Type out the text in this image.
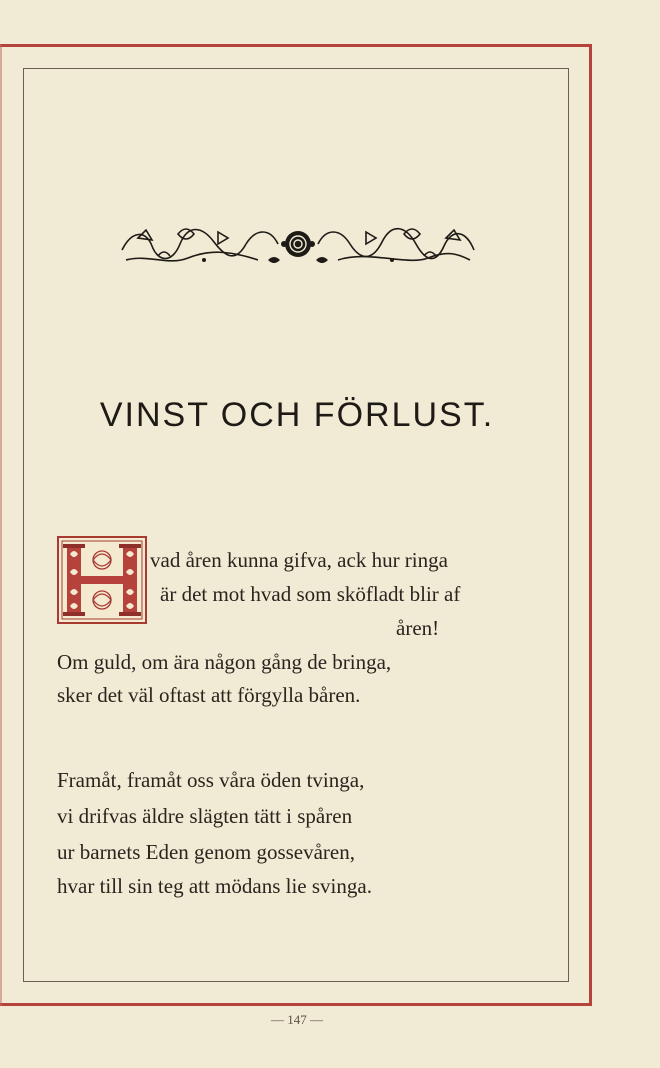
VINST OCH FÖRLUST.
vad åren kunna gifva, ack hur ringa
är det mot hvad som sköfladt blir af
åren!
Om guld, om ära någon gång de bringa,
sker det väl oftast att förgylla båren.
Framåt, framåt oss våra öden tvinga,
vi drifvas äldre slägten tätt i spåren
ur barnets Eden genom gossevåren,
hvar till sin teg att mödans lie svinga.
— 147 —
